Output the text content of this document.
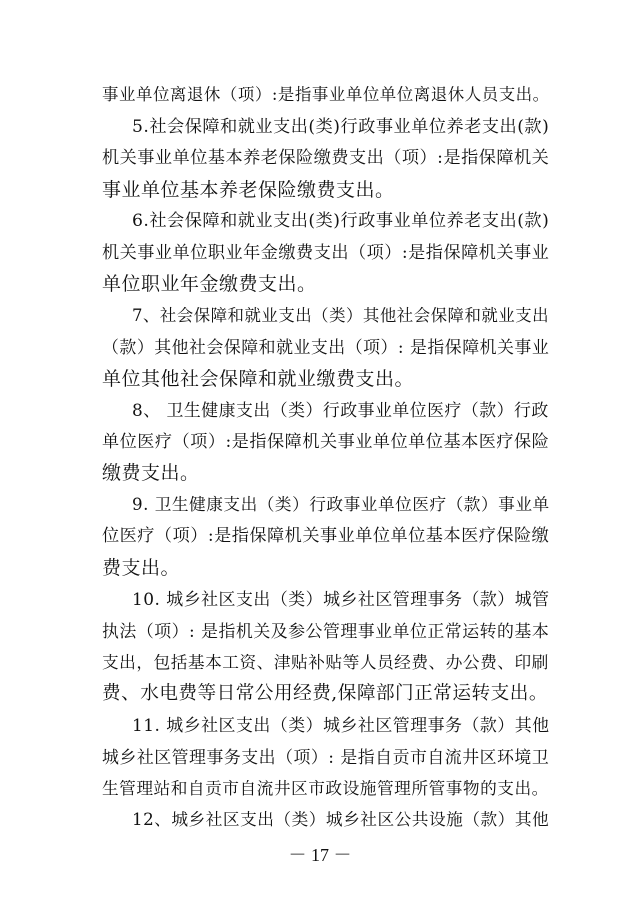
事业单位离退休（项）:是指事业单位单位离退休人员支出。
5.社会保障和就业支出(类)行政事业单位养老支出(款)
机关事业单位基本养老保险缴费支出（项）:是指保障机关
事业单位基本养老保险缴费支出。
6.社会保障和就业支出(类)行政事业单位养老支出(款)
机关事业单位职业年金缴费支出（项）:是指保障机关事业
单位职业年金缴费支出。
7、社会保障和就业支出（类）其他社会保障和就业支出
（款）其他社会保障和就业支出（项）: 是指保障机关事业
单位其他社会保障和就业缴费支出。
8、 卫生健康支出（类）行政事业单位医疗（款）行政
单位医疗（项）:是指保障机关事业单位单位基本医疗保险
缴费支出。
9. 卫生健康支出（类）行政事业单位医疗（款）事业单
位医疗（项）:是指保障机关事业单位单位基本医疗保险缴
费支出。
10. 城乡社区支出（类）城乡社区管理事务（款）城管
执法（项）: 是指机关及参公管理事业单位正常运转的基本
支出，包括基本工资、津贴补贴等人员经费、办公费、印刷
费、水电费等日常公用经费,保障部门正常运转支出。
11. 城乡社区支出（类）城乡社区管理事务（款）其他
城乡社区管理事务支出（项）: 是指自贡市自流井区环境卫
生管理站和自贡市自流井区市政设施管理所管事物的支出。
12、城乡社区支出（类）城乡社区公共设施（款）其他
－ 17 －
